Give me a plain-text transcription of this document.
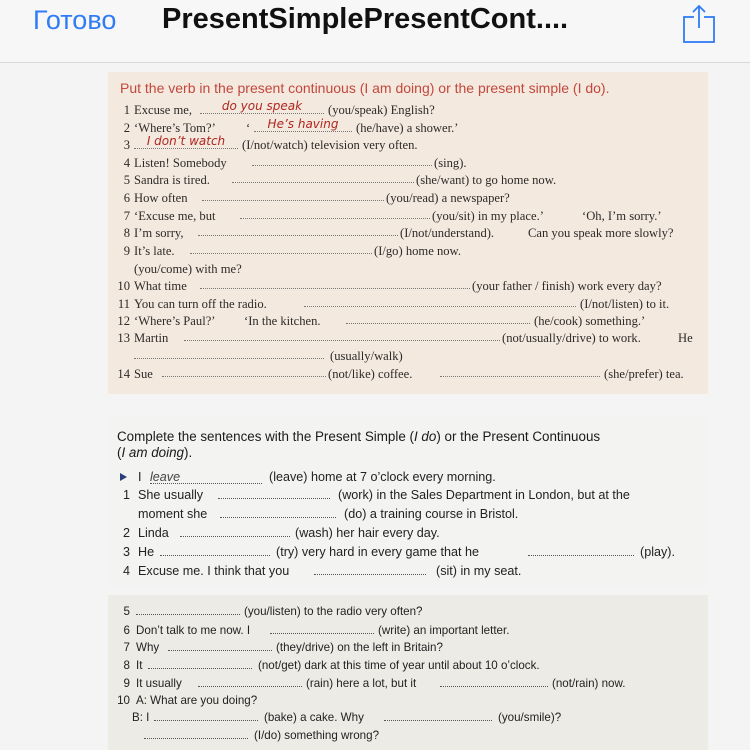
Готово PresentSimplePresentCont....
Put the verb in the present continuous (I am doing) or the present simple (I do).
1 Excuse me,	do you speak	(you/speak) English?
2 ‘Where’s Tom?’ ‘	He’s having	(he/have) a shower.’
3	I don’t watch	(I/not/watch) television very often.
4 Listen! Somebody	(sing).
5 Sandra is tired.	(she/want) to go home now.
6 How often	(you/read) a newspaper?
7 ‘Excuse me, but	(you/sit) in my place.’	‘Oh, I’m sorry.’
8 I’m sorry,	(I/not/understand).	Can you speak more slowly?
9 It’s late.	(I/go) home now.
(you/come) with me?
10 What time	(your father / finish) work every day?
11 You can turn off the radio.	(I/not/listen) to it.
12 ‘Where’s Paul?’ ‘In the kitchen.	(he/cook) something.’
13 Martin	(not/usually/drive) to work.	He
(usually/walk)
14 Sue	(not/like) coffee.	(she/prefer) tea.
Complete the sentences with the Present Simple (I do) or the Present Continuous
(I am doing).
I leave	(leave) home at 7 o’clock every morning.
1 She usually	(work) in the Sales Department in London, but at the
moment she	(do) a training course in Bristol.
2 Linda	(wash) her hair every day.
3 He	(try) very hard in every game that he	(play).
4 Excuse me. I think that you	(sit) in my seat.
5	(you/listen) to the radio very often?
6 Don’t talk to me now. I	(write) an important letter.
7 Why	(they/drive) on the left in Britain?
8 It	(not/get) dark at this time of year until about 10 o’clock.
9 It usually	(rain) here a lot, but it	(not/rain) now.
10 A: What are you doing?
B: I	(bake) a cake. Why	(you/smile)?
(I/do) something wrong?
